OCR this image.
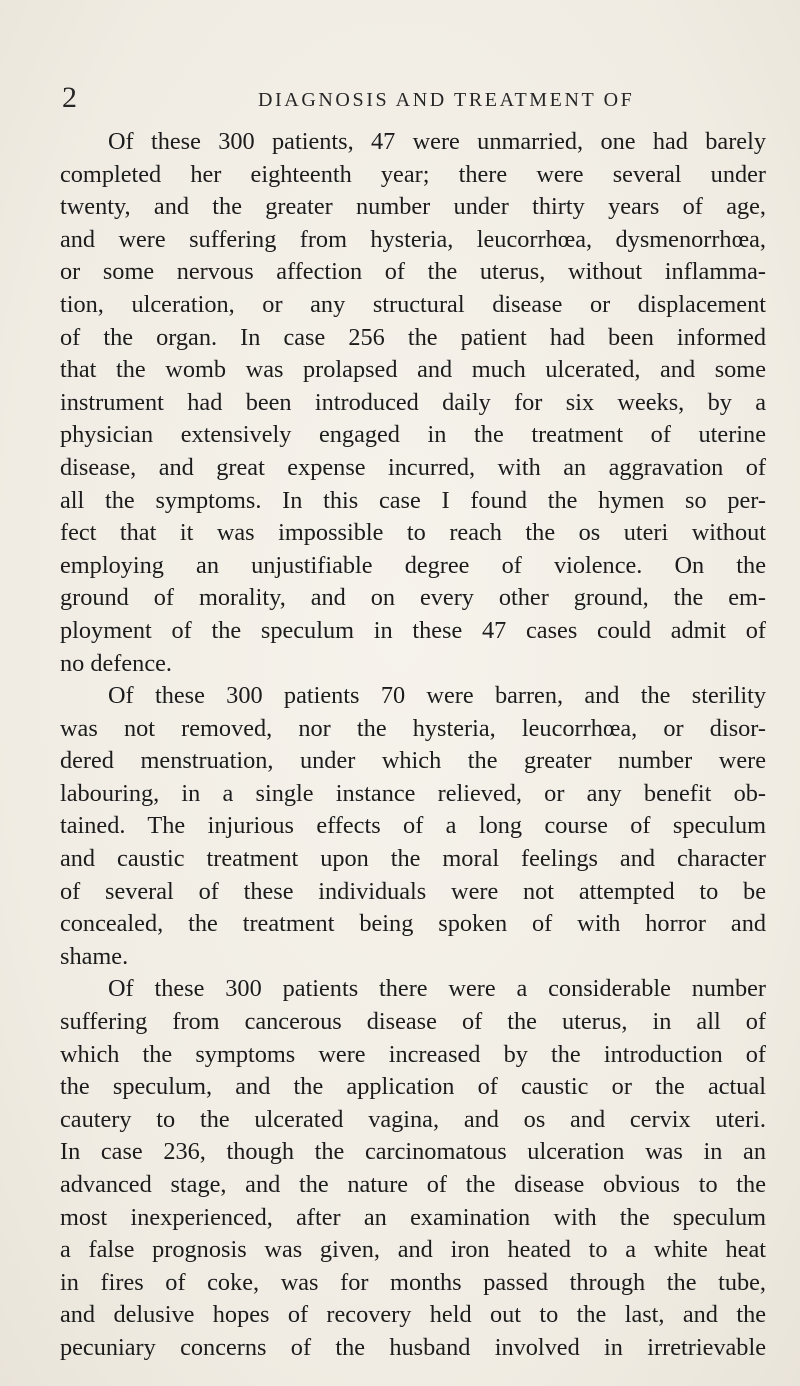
2	DIAGNOSIS AND TREATMENT OF
Of these 300 patients, 47 were unmarried, one had barely
completed her eighteenth year; there were several under
twenty, and the greater number under thirty years of age,
and were suffering from hysteria, leucorrhœa, dysmenorrhœa,
or some nervous affection of the uterus, without inflamma-
tion, ulceration, or any structural disease or displacement
of the organ. In case 256 the patient had been informed
that the womb was prolapsed and much ulcerated, and some
instrument had been introduced daily for six weeks, by a
physician extensively engaged in the treatment of uterine
disease, and great expense incurred, with an aggravation of
all the symptoms. In this case I found the hymen so per-
fect that it was impossible to reach the os uteri without
employing an unjustifiable degree of violence. On the
ground of morality, and on every other ground, the em-
ployment of the speculum in these 47 cases could admit of
no defence.
Of these 300 patients 70 were barren, and the sterility
was not removed, nor the hysteria, leucorrhœa, or disor-
dered menstruation, under which the greater number were
labouring, in a single instance relieved, or any benefit ob-
tained. The injurious effects of a long course of speculum
and caustic treatment upon the moral feelings and character
of several of these individuals were not attempted to be
concealed, the treatment being spoken of with horror and
shame.
Of these 300 patients there were a considerable number
suffering from cancerous disease of the uterus, in all of
which the symptoms were increased by the introduction of
the speculum, and the application of caustic or the actual
cautery to the ulcerated vagina, and os and cervix uteri.
In case 236, though the carcinomatous ulceration was in an
advanced stage, and the nature of the disease obvious to the
most inexperienced, after an examination with the speculum
a false prognosis was given, and iron heated to a white heat
in fires of coke, was for months passed through the tube,
and delusive hopes of recovery held out to the last, and the
pecuniary concerns of the husband involved in irretrievable
